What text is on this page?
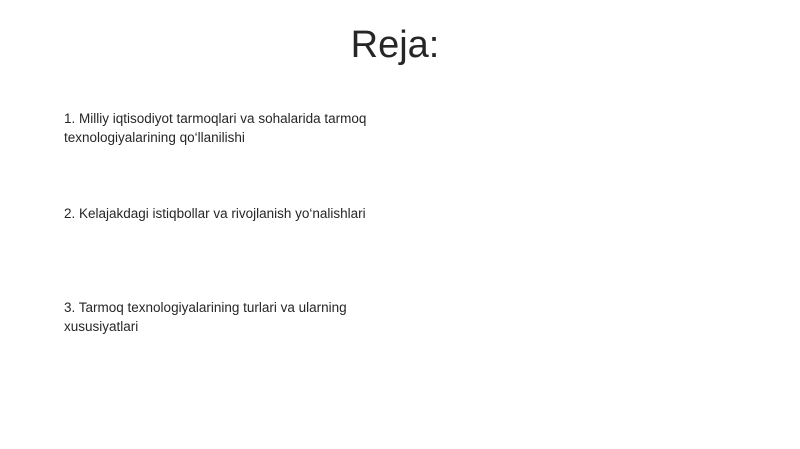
Reja:
1. Milliy iqtisodiyot tarmoqlari va sohalarida tarmoq texnologiyalarining qo‘llanilishi
2. Kelajakdagi istiqbollar va rivojlanish yo‘nalishlari
3. Tarmoq texnologiyalarining turlari va ularning xususiyatlari
